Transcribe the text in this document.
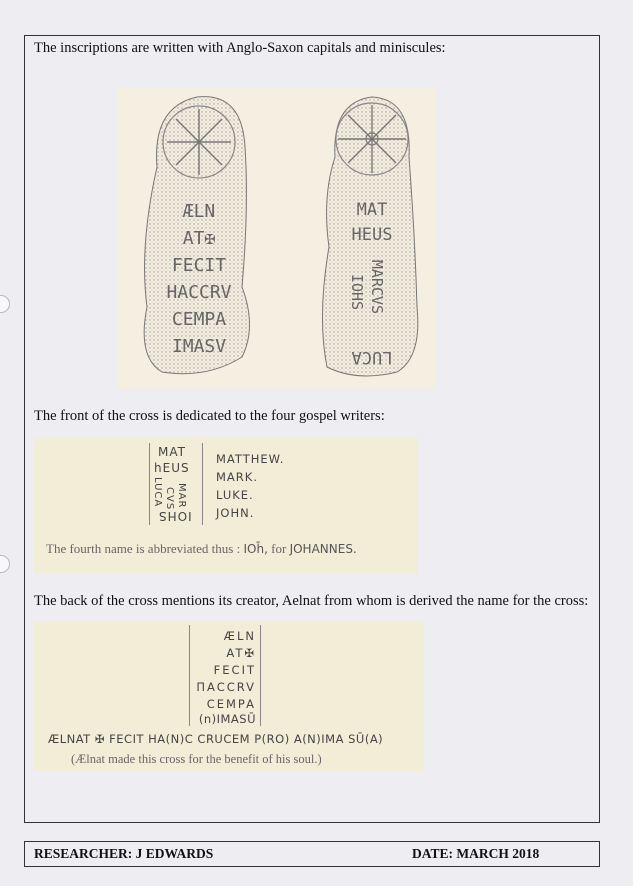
The inscriptions are written with Anglo-Saxon capitals and miniscules:
ÆLN
AT✠
FECIT
HACCRV
CEMPA
IMASV
MAT
HEUS
MARCVS
IOHS
LUCA
The front of the cross is dedicated to the four gospel writers:
MAT
hEUS
MAR
CVS
LUCA
IOHS
MATTHEW.
MARK.
LUKE.
JOHN.
The fourth name is abbreviated thus : IOh̄, for JOHANNES.
The back of the cross mentions its creator, Aelnat from whom is derived the name for the cross:
ÆLN
AT✠
FECIT
ΠACCRV
CEMPA
(n)IMASŪ
ÆLNAT ✠ FECIT HA(N)C CRUCEM P(RO) A(N)IMA SŪ(A)
(Ælnat made this cross for the benefit of his soul.)
RESEARCHER: J EDWARDS	DATE: MARCH 2018
